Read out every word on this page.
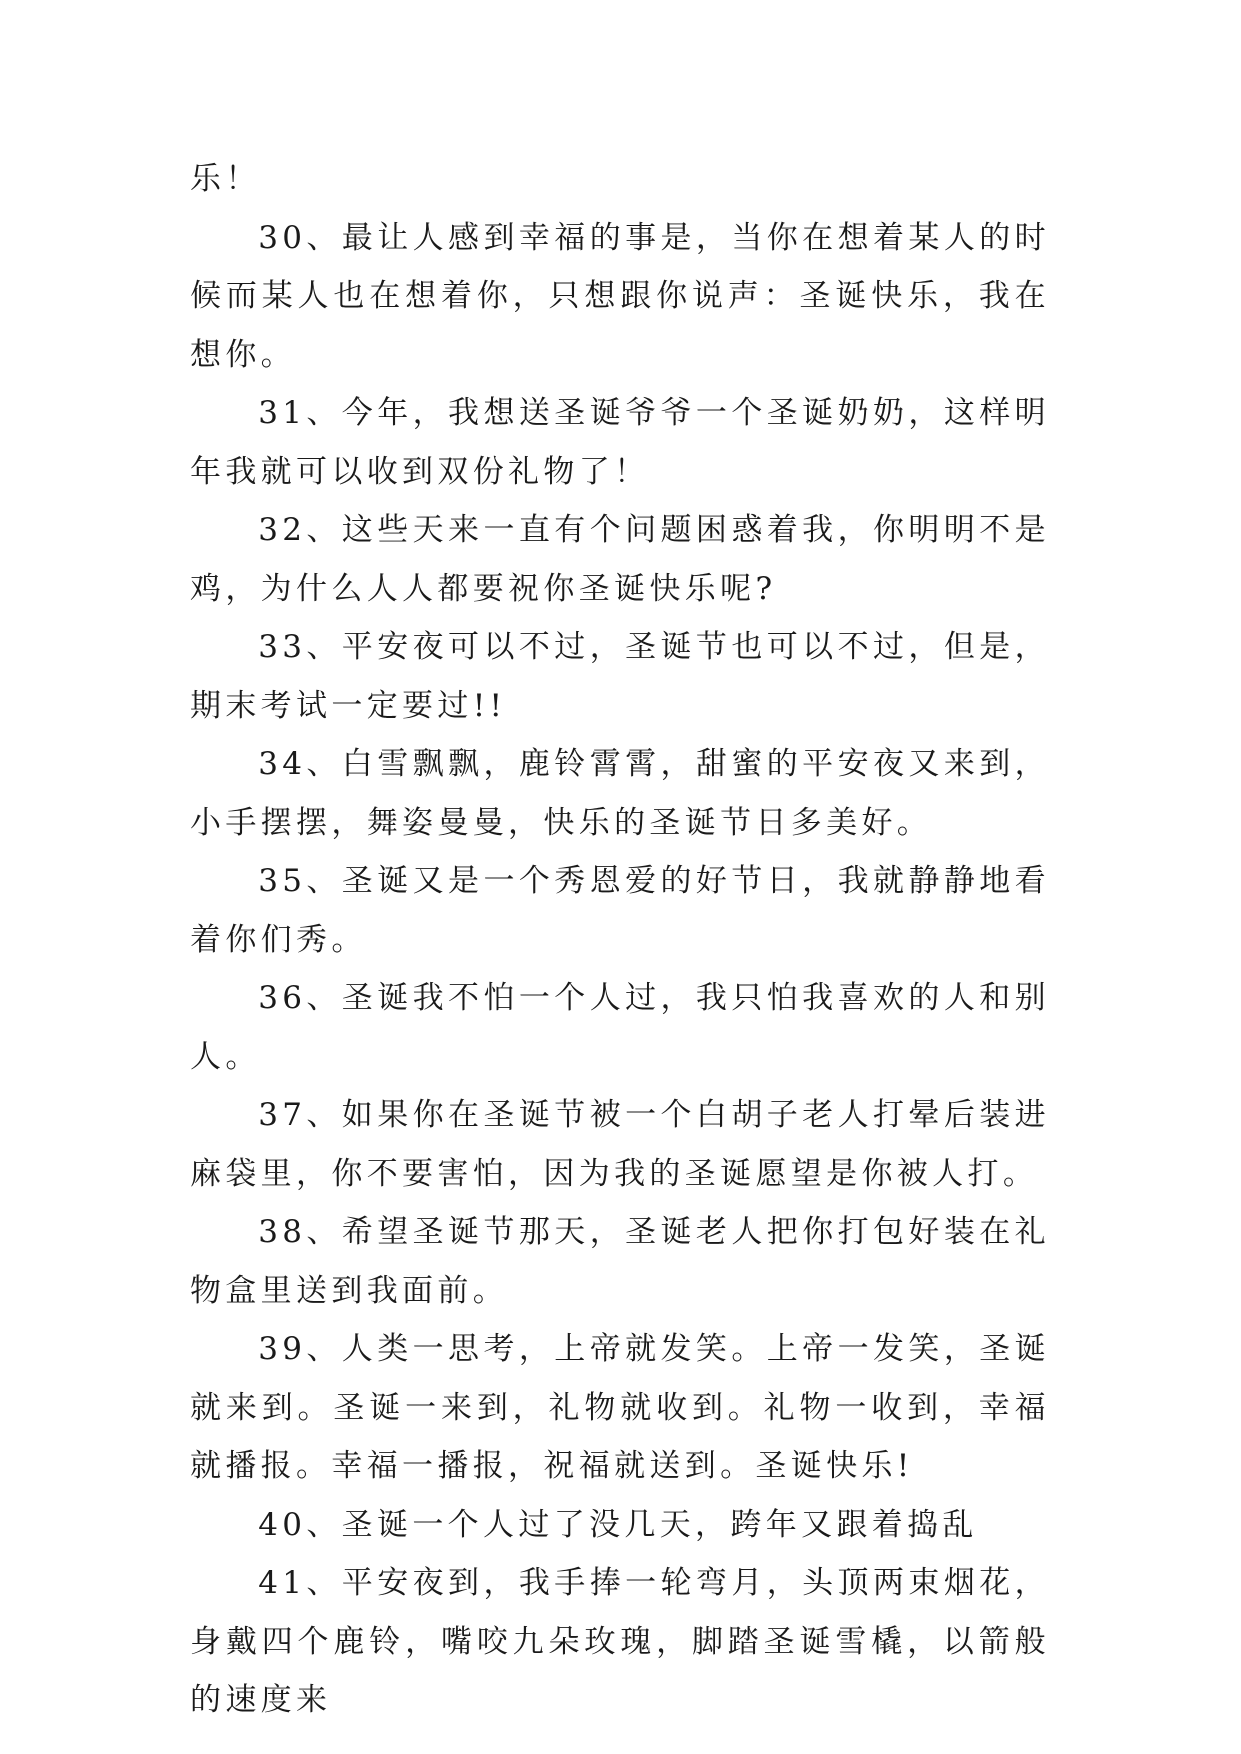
乐！

30、最让人感到幸福的事是，当你在想着某人的时候而某人也在想着你，只想跟你说声：圣诞快乐，我在想你。

31、今年，我想送圣诞爷爷一个圣诞奶奶，这样明年我就可以收到双份礼物了！

32、这些天来一直有个问题困惑着我，你明明不是鸡，为什么人人都要祝你圣诞快乐呢?

33、平安夜可以不过，圣诞节也可以不过，但是，期末考试一定要过!!

34、白雪飘飘，鹿铃霄霄，甜蜜的平安夜又来到，小手摆摆，舞姿曼曼，快乐的圣诞节日多美好。

35、圣诞又是一个秀恩爱的好节日，我就静静地看着你们秀。

36、圣诞我不怕一个人过，我只怕我喜欢的人和别人。

37、如果你在圣诞节被一个白胡子老人打晕后装进麻袋里，你不要害怕，因为我的圣诞愿望是你被人打。

38、希望圣诞节那天，圣诞老人把你打包好装在礼物盒里送到我面前。

39、人类一思考，上帝就发笑。上帝一发笑，圣诞就来到。圣诞一来到，礼物就收到。礼物一收到，幸福就播报。幸福一播报，祝福就送到。圣诞快乐!

40、圣诞一个人过了没几天，跨年又跟着捣乱

41、平安夜到，我手捧一轮弯月，头顶两束烟花，身戴四个鹿铃，嘴咬九朵玫瑰，脚踏圣诞雪橇，以箭般的速度来
